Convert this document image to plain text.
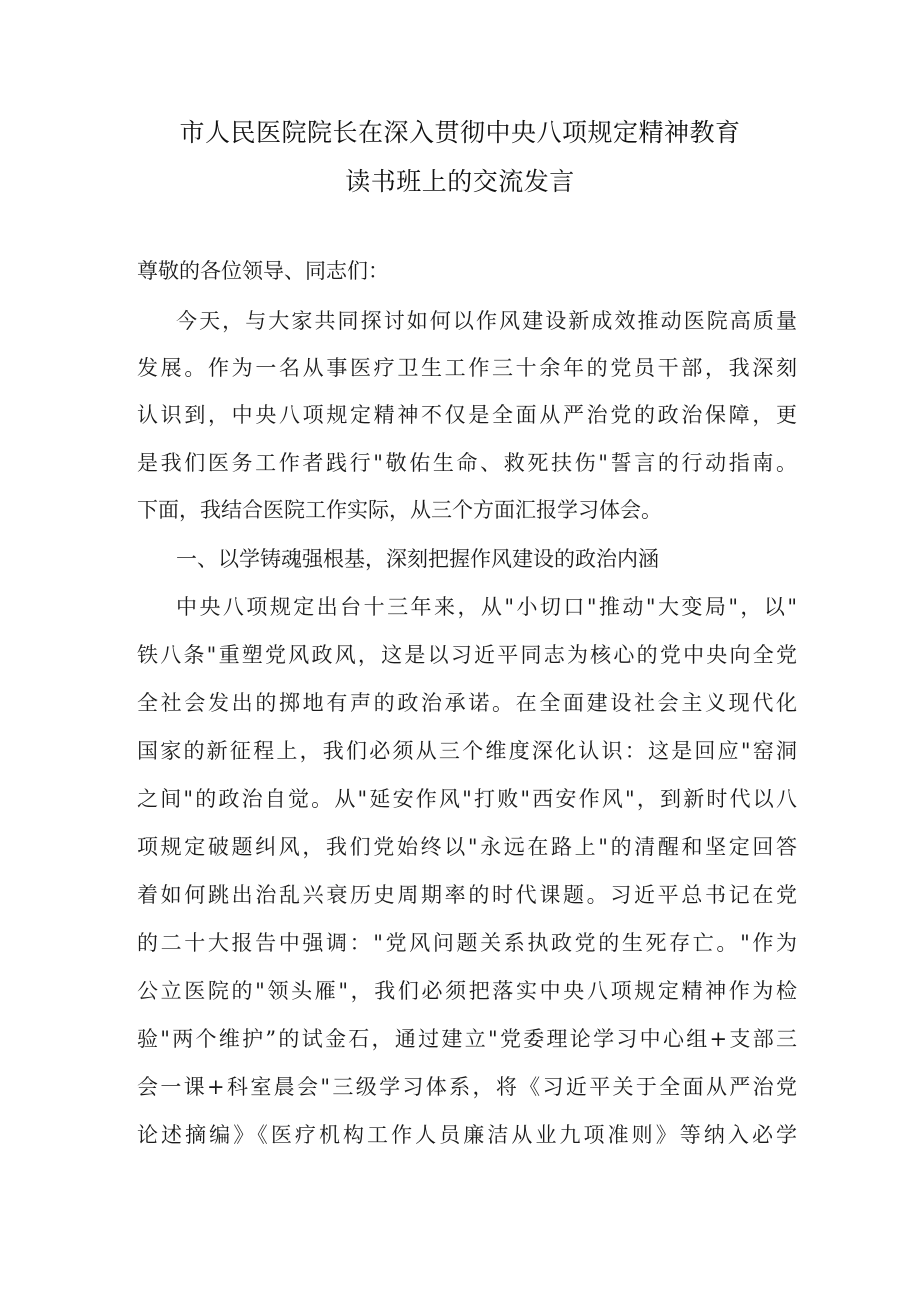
市人民医院院长在深入贯彻中央八项规定精神教育
读书班上的交流发言
尊敬的各位领导、同志们：
今天，与大家共同探讨如何以作风建设新成效推动医院高质量
发展。作为一名从事医疗卫生工作三十余年的党员干部，我深刻
认识到，中央八项规定精神不仅是全面从严治党的政治保障，更
是我们医务工作者践行"敬佑生命、救死扶伤"誓言的行动指南。
下面，我结合医院工作实际，从三个方面汇报学习体会。
一、以学铸魂强根基，深刻把握作风建设的政治内涵
中央八项规定出台十三年来，从"小切口"推动"大变局"，以"
铁八条"重塑党风政风，这是以习近平同志为核心的党中央向全党
全社会发出的掷地有声的政治承诺。在全面建设社会主义现代化
国家的新征程上，我们必须从三个维度深化认识：这是回应"窑洞
之间"的政治自觉。从"延安作风"打败"西安作风"，到新时代以八
项规定破题纠风，我们党始终以"永远在路上"的清醒和坚定回答
着如何跳出治乱兴衰历史周期率的时代课题。习近平总书记在党
的二十大报告中强调："党风问题关系执政党的生死存亡。"作为
公立医院的"领头雁"，我们必须把落实中央八项规定精神作为检
验"两个维护”的试金石，通过建立"党委理论学习中心组+支部三
会一课+科室晨会"三级学习体系，将《习近平关于全面从严治党
论述摘编》《医疗机构工作人员廉洁从业九项准则》等纳入必学
